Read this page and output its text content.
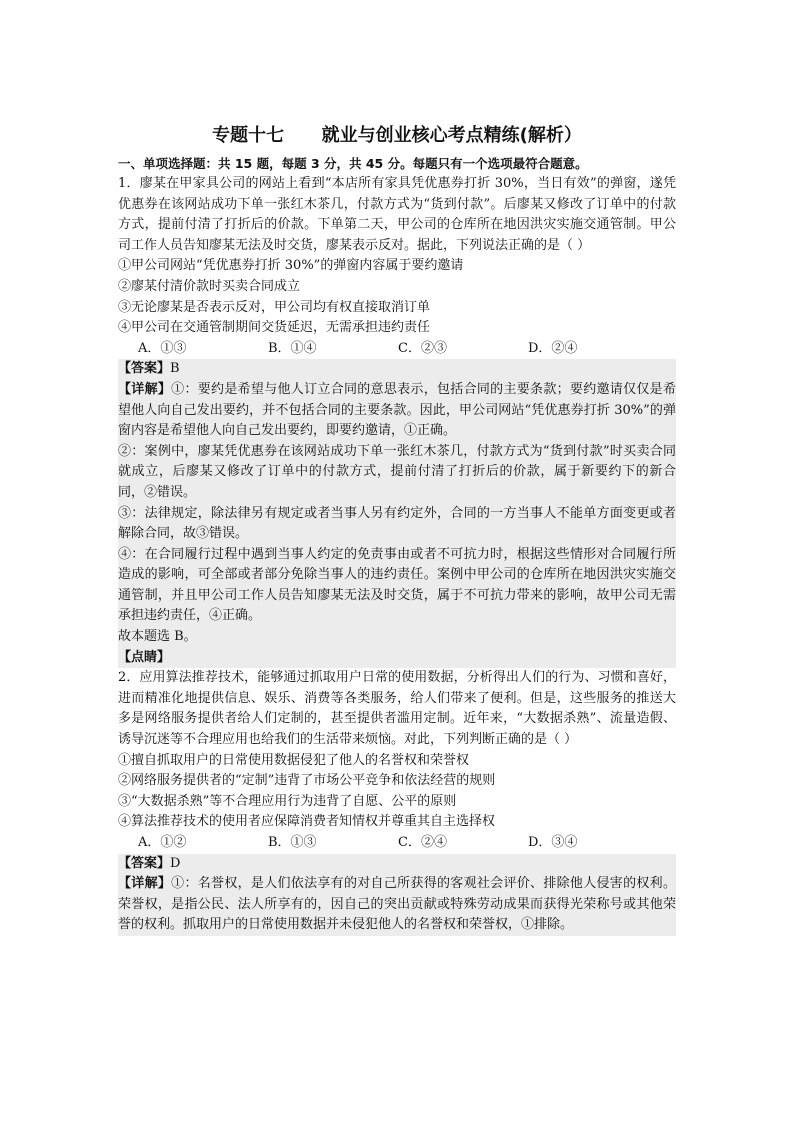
专题十七      就业与创业核心考点精练(解析）
一、单项选择题：共 15 题，每题 3 分，共 45 分。每题只有一个选项最符合题意。

1．廖某在甲家具公司的网站上看到“本店所有家具凭优惠券打折 30%，当日有效”的弹窗，遂凭优惠券在该网站成功下单一张红木茶几，付款方式为“货到付款”。后廖某又修改了订单中的付款方式，提前付清了打折后的价款。下单第二天，甲公司的仓库所在地因洪灾实施交通管制。甲公司工作人员告知廖某无法及时交货，廖某表示反对。据此，下列说法正确的是（ ）

①甲公司网站“凭优惠券打折 30%”的弹窗内容属于要约邀请

②廖某付清价款时买卖合同成立

③无论廖某是否表示反对，甲公司均有权直接取消订单

④甲公司在交通管制期间交货延迟，无需承担违约责任

A．①③	B．①④	C．②③	D．②④

【答案】B

【详解】①：要约是希望与他人订立合同的意思表示，包括合同的主要条款；要约邀请仅仅是希望他人向自己发出要约，并不包括合同的主要条款。因此，甲公司网站“凭优惠券打折 30%”的弹窗内容是希望他人向自己发出要约，即要约邀请，①正确。

②：案例中，廖某凭优惠券在该网站成功下单一张红木茶几，付款方式为“货到付款”时买卖合同就成立，后廖某又修改了订单中的付款方式，提前付清了打折后的价款，属于新要约下的新合同，②错误。

③：法律规定，除法律另有规定或者当事人另有约定外，合同的一方当事人不能单方面变更或者解除合同，故③错误。

④：在合同履行过程中遇到当事人约定的免责事由或者不可抗力时，根据这些情形对合同履行所造成的影响，可全部或者部分免除当事人的违约责任。案例中甲公司的仓库所在地因洪灾实施交通管制，并且甲公司工作人员告知廖某无法及时交货，属于不可抗力带来的影响，故甲公司无需承担违约责任，④正确。

故本题选 B。

【点睛】

2．应用算法推荐技术，能够通过抓取用户日常的使用数据，分析得出人们的行为、习惯和喜好，进而精准化地提供信息、娱乐、消费等各类服务，给人们带来了便利。但是，这些服务的推送大多是网络服务提供者给人们定制的，甚至提供者滥用定制。近年来，“大数据杀熟”、流量造假、诱导沉迷等不合理应用也给我们的生活带来烦恼。对此，下列判断正确的是（ ）

①擅自抓取用户的日常使用数据侵犯了他人的名誉权和荣誉权

②网络服务提供者的“定制”违背了市场公平竞争和依法经营的规则

③“大数据杀熟”等不合理应用行为违背了自愿、公平的原则

④算法推荐技术的使用者应保障消费者知情权并尊重其自主选择权

A．①②	B．①③	C．②④	D．③④

【答案】D

【详解】①：名誉权，是人们依法享有的对自己所获得的客观社会评价、排除他人侵害的权利。荣誉权，是指公民、法人所享有的，因自己的突出贡献或特殊劳动成果而获得光荣称号或其他荣誉的权利。抓取用户的日常使用数据并未侵犯他人的名誉权和荣誉权，①排除。
